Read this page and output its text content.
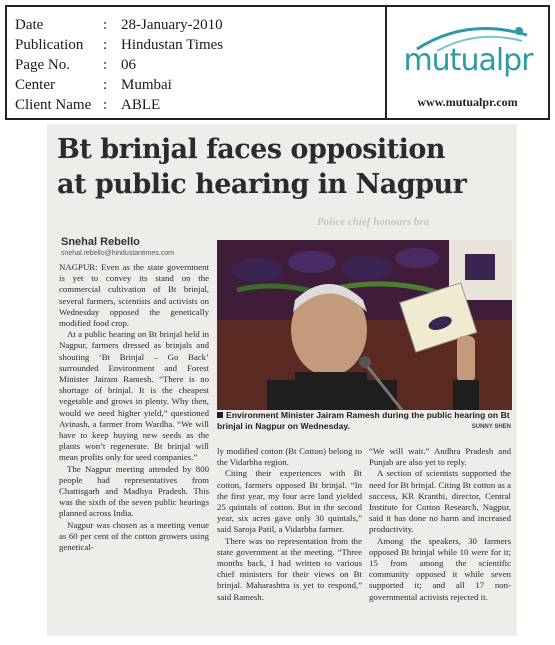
Date	: 28-January-2010
Publication	: Hindustan Times
Page No.	: 06
Center	: Mumbai
Client Name : ABLE
mutualpr
www.mutualpr.com
Bt brinjal faces opposition
at public hearing in Nagpur
Police chief honours bra
Snehal Rebello
snehal.rebello@hindustantimes.com

NAGPUR: Even as the state government is yet to convey its stand on the commercial cultivation of Bt brinjal, several farmers, scientists and activists on Wednesday opposed the genetically modified food crop.

At a public hearing on Bt brinjal held in Nagpur, farmers dressed as brinjals and shouting ‘Bt Brinjal – Go Back’ surrounded Environment and Forest Minister Jairam Ramesh. “There is no shortage of brinjal. It is the cheapest vegetable and grows in plenty. Why then, would we need higher yield,” questioned Avinash, a farmer from Wardha. “We will have to keep buying new seeds as the plants won’t regenerate. Bt brinjal will mean profits only for seed companies.”

The Nagpur meeting attended by 800 people had representatives from Chattisgarh and Madhya Pradesh. This was the sixth of the seven public hearings planned across India.

Nagpur was chosen as a meeting venue as 60 per cent of the cotton growers using genetical-

Environment Minister Jairam Ramesh during the public hearing on Bt brinjal in Nagpur on Wednesday.	SUNNY SHEN

ly modified cotton (Bt Cotton) belong to the Vidarbha region.

Citing their experiences with Bt cotton, farmers opposed Bt brinjal. “In the first year, my four acre land yielded 25 quintals of cotton. But in the second year, six acres gave only 30 quintals,” said Saroja Patil, a Vidarbha farmer.

There was no representation from the state government at the meeting. “Three months back, I had written to various chief ministers for their views on Bt brinjal. Maharashtra is yet to respond,” said Ramesh.

“We will wait.” Andhra Pradesh and Punjab are also yet to reply.

A section of scientists supported the need for Bt brinjal. Citing Bt cotton as a success, KR Kranthi, director, Central Institute for Cotton Research, Nagpur, said it has done no harm and increased productivity.

Among the speakers, 30 farmers opposed Bt brinjal while 10 were for it; 15 from among the scientific community opposed it while seven supported it; and all 17 non-governmental activists rejected it.
